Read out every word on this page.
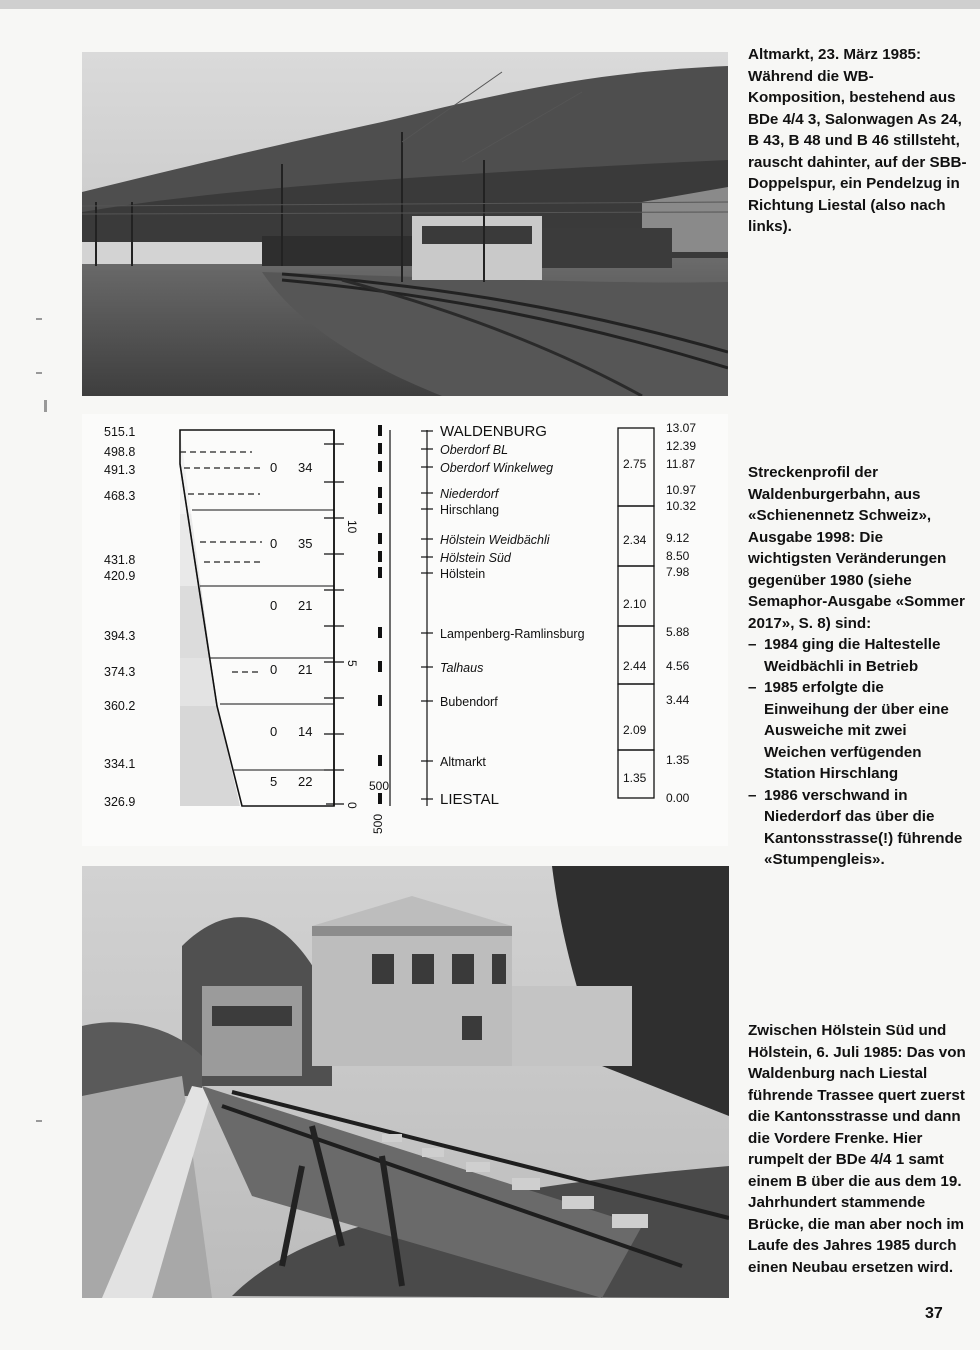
Altmarkt, 23. März 1985: Während die WB-Komposition, bestehend aus BDe 4/4 3, Salonwagen As 24, B 43, B 48 und B 46 stillsteht, rauscht dahinter, auf der SBB-Doppelspur, ein Pendelzug in Richtung Liestal (also nach links).

10
5
0
515.1
498.8
491.3
468.3
431.8
420.9
394.3
374.3
360.2
334.1
326.9
0 34
0 35
0 21
0 21
0 14
5 22
WALDENBURG
Oberdorf BL
Oberdorf Winkelweg
Niederdorf
Hirschlang
Hölstein Weidbächli
Hölstein Süd
Hölstein
Lampenberg-Ramlinsburg
Talhaus
Bubendorf
Altmarkt
LIESTAL
2.75
2.34
2.10
2.44
2.09
1.35
13.07
12.39
11.87
10.97
10.32
9.12
8.50
7.98
5.88
4.56
3.44
1.35
0.00
500
500
Streckenprofil der Waldenburgerbahn, aus «Schienennetz Schweiz», Ausgabe 1998: Die wichtigsten Veränderungen gegenüber 1980 (siehe Semaphor-Ausgabe «Sommer 2017», S. 8) sind:
– 1984 ging die Haltestelle Weidbächli in Betrieb
– 1985 erfolgte die Einweihung der über eine Ausweiche mit zwei Weichen verfügenden Station Hirschlang
– 1986 verschwand in Niederdorf das über die Kantonsstrasse(!) führende «Stumpengleis».

Zwischen Hölstein Süd und Hölstein, 6. Juli 1985: Das von Waldenburg nach Liestal führende Trassee quert zuerst die Kantonsstrasse und dann die Vordere Frenke. Hier rumpelt der BDe 4/4 1 samt einem B über die aus dem 19. Jahrhundert stammende Brücke, die man aber noch im Laufe des Jahres 1985 durch einen Neubau ersetzen wird.

37
